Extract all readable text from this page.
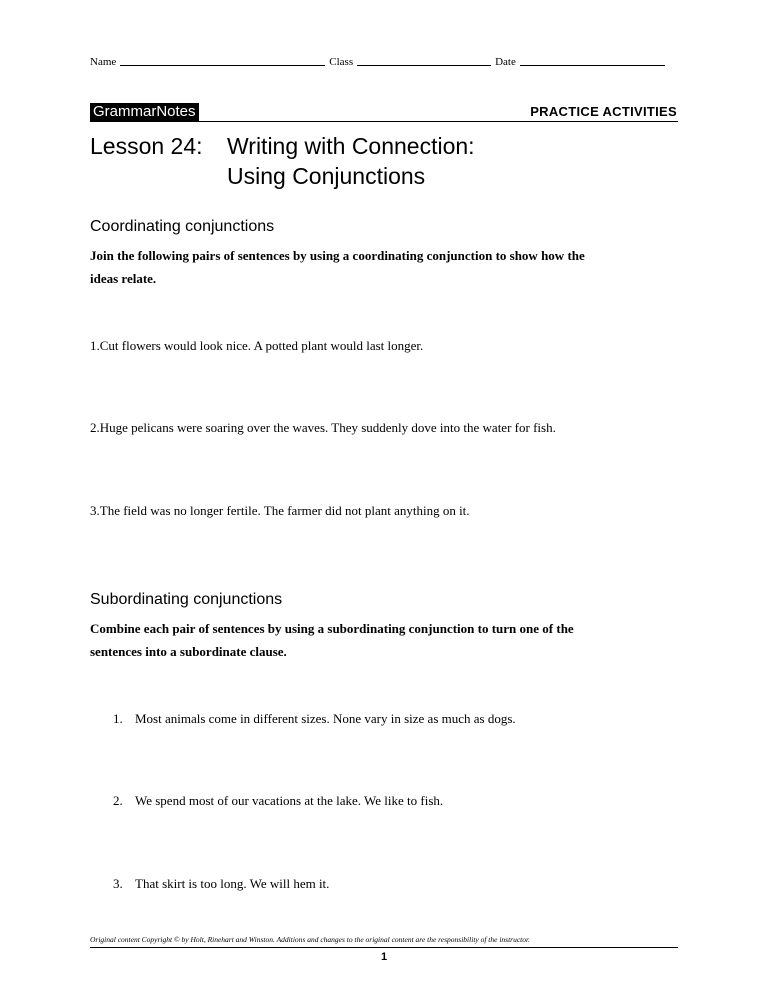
Name	Class	Date
GrammarNotes	PRACTICE ACTIVITIES
Lesson 24: Writing with Connection:
Using Conjunctions
Coordinating conjunctions
Join the following pairs of sentences by using a coordinating conjunction to show how the
ideas relate.
1.Cut flowers would look nice. A potted plant would last longer.
2.Huge pelicans were soaring over the waves. They suddenly dove into the water for fish.
3.The field was no longer fertile. The farmer did not plant anything on it.
Subordinating conjunctions
Combine each pair of sentences by using a subordinating conjunction to turn one of the
sentences into a subordinate clause.
1. Most animals come in different sizes. None vary in size as much as dogs.
2. We spend most of our vacations at the lake. We like to fish.
3. That skirt is too long. We will hem it.
Original content Copyright © by Holt, Rinehart and Winston. Additions and changes to the original content are the responsibility of the instructor.
1
